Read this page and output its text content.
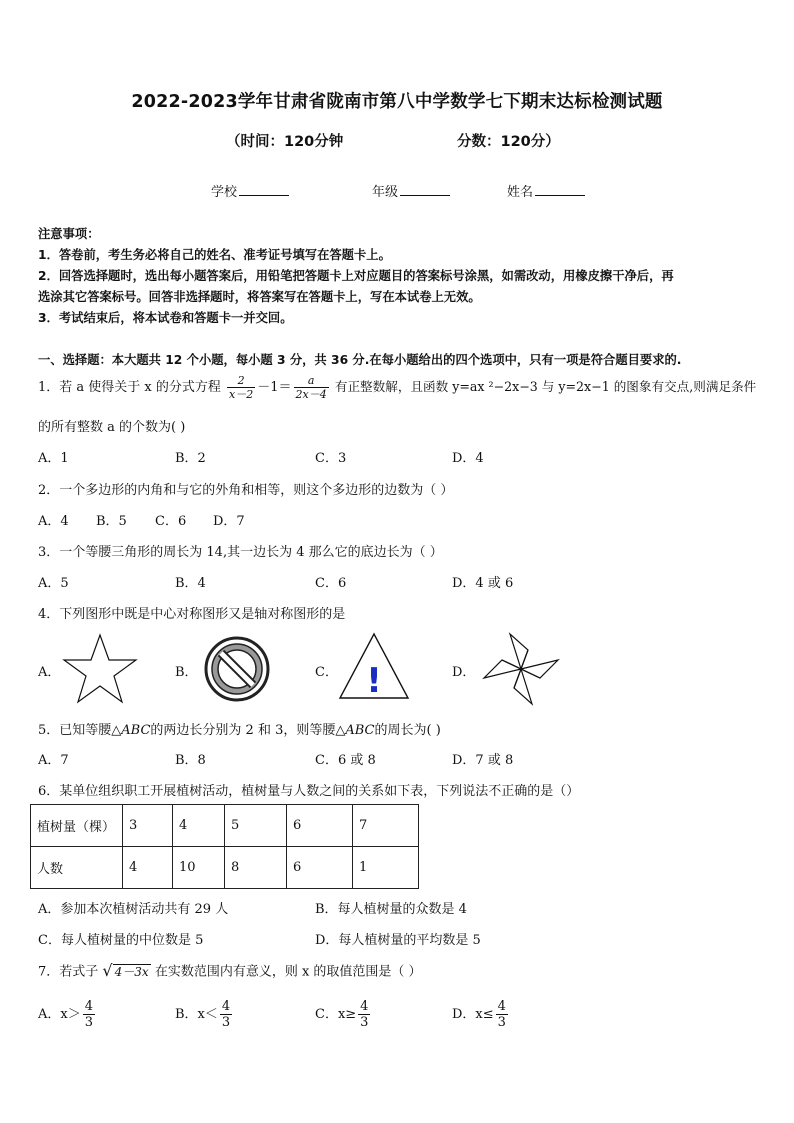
2022-2023学年甘肃省陇南市第八中学数学七下期末达标检测试题
（时间：120分钟	分数：120分）
学校	年级	姓名
注意事项：
1．答卷前，考生务必将自己的姓名、准考证号填写在答题卡上。
2．回答选择题时，选出每小题答案后，用铅笔把答题卡上对应题目的答案标号涂黑，如需改动，用橡皮擦干净后，再
选涂其它答案标号。回答非选择题时，将答案写在答题卡上，写在本试卷上无效。
3．考试结束后，将本试卷和答题卡一并交回。
一、选择题：本大题共 12 个小题，每小题 3 分，共 36 分.在每小题给出的四个选项中，只有一项是符合题目要求的.
1．若 a 使得关于 x 的分式方程 $\frac{2}{x-2} -1= \frac{a}{2x-4}$ 有正整数解，且函数 y=ax ²−2x−3 与 y=2x−1 的图象有交点,则满足条件
的所有整数 a 的个数为( )
A．1	B．2	C．3	D．4
2．一个多边形的内角和与它的外角和相等，则这个多边形的边数为（ ）
A．4 B．5 C．6 D．7
3．一个等腰三角形的周长为 14,其一边长为 4 那么它的底边长为（ ）
A．5	B．4	C．6	D．4 或 6
4．下列图形中既是中心对称图形又是轴对称图形的是
A．	B．	C．	D．
!
5．已知等腰△ABC的两边长分别为 2 和 3，则等腰△ABC的周长为( )
A．7	B．8	C．6 或 8	D．7 或 8
6．某单位组织职工开展植树活动，植树量与人数之间的关系如下表，下列说法不正确的是（）
植树量（棵）	3	4	5	6	7
人数	4	10	8	6	1
A．参加本次植树活动共有 29 人	B．每人植树量的众数是 4
C．每人植树量的中位数是 5	D．每人植树量的平均数是 5
7．若式子 √ 4－3x 在实数范围内有意义，则 x 的取值范围是（ ）
A．$x> \frac{4}{3}$	B．$x< \frac{4}{3}$	C．$x\ge \frac{4}{3}$	D．$x\le \frac{4}{3}$
